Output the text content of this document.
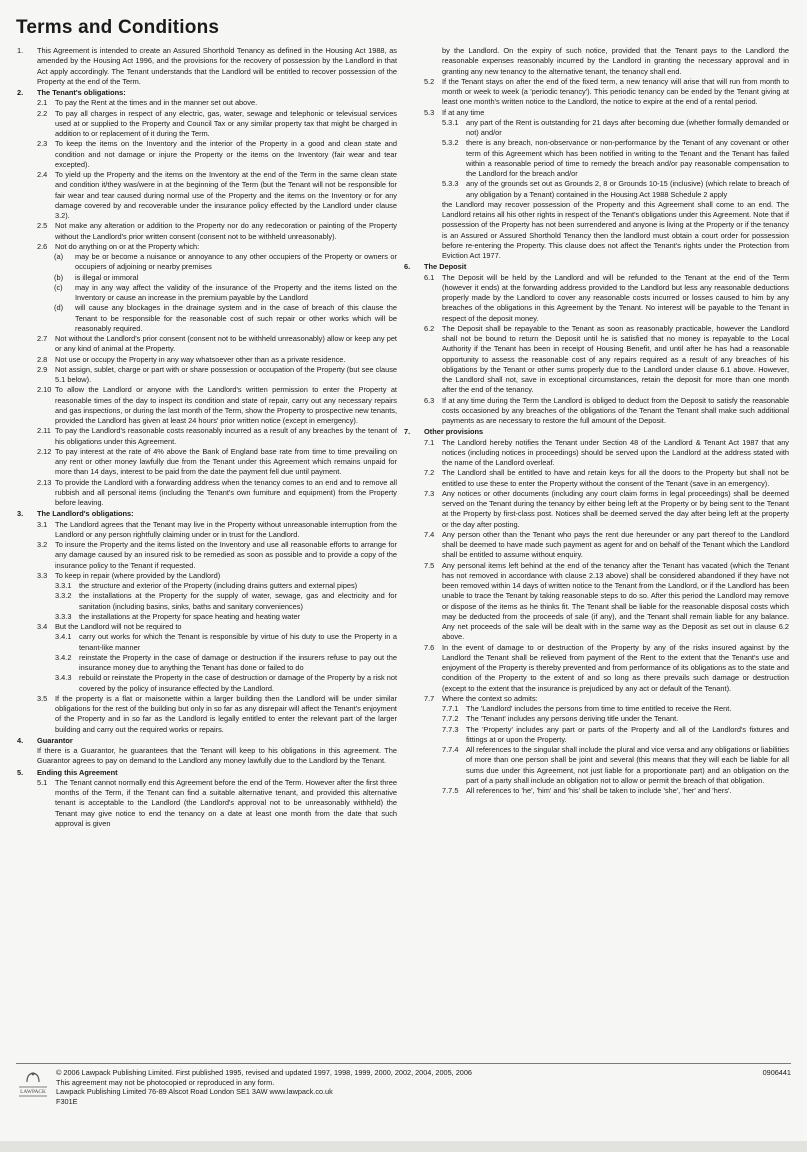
Terms and Conditions
1. This Agreement is intended to create an Assured Shorthold Tenancy as defined in the Housing Act 1988, as amended by the Housing Act 1996, and the provisions for the recovery of possession by the Landlord in that Act apply accordingly. The Tenant understands that the Landlord will be entitled to recover possession of the Property at the end of the Term.
2. The Tenant's obligations:
2.1 To pay the Rent at the times and in the manner set out above.
2.2 To pay all charges in respect of any electric, gas, water, sewage and telephonic or televisual services used at or supplied to the Property and Council Tax or any similar property tax that might be charged in addition to or replacement of it during the Term.
2.3 To keep the items on the Inventory and the interior of the Property in a good and clean state and condition and not damage or injure the Property or the items on the Inventory (fair wear and tear excepted).
2.4 To yield up the Property and the items on the Inventory at the end of the Term in the same clean state and condition it/they was/were in at the beginning of the Term (but the Tenant will not be responsible for fair wear and tear caused during normal use of the Property and the items on the Inventory or for any damage covered by and recoverable under the insurance policy effected by the Landlord under clause 3.2).
2.5 Not make any alteration or addition to the Property nor do any redecoration or painting of the Property without the Landlord's prior written consent (consent not to be withheld unreasonably).
2.6 Not do anything on or at the Property which:
(a) may be or become a nuisance or annoyance to any other occupiers of the Property or owners or occupiers of adjoining or nearby premises
(b) is illegal or immoral
(c) may in any way affect the validity of the insurance of the Property and the items listed on the Inventory or cause an increase in the premium payable by the Landlord
(d) will cause any blockages in the drainage system and in the case of breach of this clause the Tenant to be responsible for the reasonable cost of such repair or other works which will be reasonably required.
2.7 Not without the Landlord's prior consent (consent not to be withheld unreasonably) allow or keep any pet or any kind of animal at the Property.
2.8 Not use or occupy the Property in any way whatsoever other than as a private residence.
2.9 Not assign, sublet, charge or part with or share possession or occupation of the Property (but see clause 5.1 below).
2.10 To allow the Landlord or anyone with the Landlord's written permission to enter the Property at reasonable times of the day to inspect its condition and state of repair, carry out any necessary repairs and gas inspections, or during the last month of the Term, show the Property to prospective new tenants, provided the Landlord has given at least 24 hours' prior written notice (except in emergency).
2.11 To pay the Landlord's reasonable costs reasonably incurred as a result of any breaches by the tenant of his obligations under this Agreement.
2.12 To pay interest at the rate of 4% above the Bank of England base rate from time to time prevailing on any rent or other money lawfully due from the Tenant under this Agreement which remains unpaid for more than 14 days, interest to be paid from the date the payment fell due until payment.
2.13 To provide the Landlord with a forwarding address when the tenancy comes to an end and to remove all rubbish and all personal items (including the Tenant's own furniture and equipment) from the Property before leaving.
3. The Landlord's obligations:
3.1 The Landlord agrees that the Tenant may live in the Property without unreasonable interruption from the Landlord or any person rightfully claiming under or in trust for the Landlord.
3.2 To insure the Property and the items listed on the Inventory and use all reasonable efforts to arrange for any damage caused by an insured risk to be remedied as soon as possible and to provide a copy of the insurance policy to the Tenant if requested.
3.3 To keep in repair (where provided by the Landlord)
3.3.1 the structure and exterior of the Property (including drains gutters and external pipes)
3.3.2 the installations at the Property for the supply of water, sewage, gas and electricity and for sanitation (including basins, sinks, baths and sanitary conveniences)
3.3.3 the installations at the Property for space heating and heating water
3.4 But the Landlord will not be required to
3.4.1 carry out works for which the Tenant is responsible by virtue of his duty to use the Property in a tenant-like manner
3.4.2 reinstate the Property in the case of damage or destruction if the insurers refuse to pay out the insurance money due to anything the Tenant has done or failed to do
3.4.3 rebuild or reinstate the Property in the case of destruction or damage of the Property by a risk not covered by the policy of insurance effected by the Landlord.
3.5 If the property is a flat or maisonette within a larger building then the Landlord will be under similar obligations for the rest of the building but only in so far as any disrepair will affect the Tenant's enjoyment of the Property and in so far as the Landlord is legally entitled to enter the relevant part of the larger building and carry out the required works or repairs.
4. Guarantor
If there is a Guarantor, he guarantees that the Tenant will keep to his obligations in this agreement. The Guarantor agrees to pay on demand to the Landlord any money lawfully due to the Landlord by the Tenant.
5. Ending this Agreement
5.1 The Tenant cannot normally end this Agreement before the end of the Term. However after the first three months of the Term, if the Tenant can find a suitable alternative tenant, and provided this alternative tenant is acceptable to the Landlord (the Landlord's approval not to be unreasonably withheld) the Tenant may give notice to end the tenancy on a date at least one month from the date that such approval is given
by the Landlord. On the expiry of such notice, provided that the Tenant pays to the Landlord the reasonable expenses reasonably incurred by the Landlord in granting the necessary approval and in granting any new tenancy to the alternative tenant, the tenancy shall end.
5.2 If the Tenant stays on after the end of the fixed term, a new tenancy will arise that will run from month to month or week to week (a 'periodic tenancy'). This periodic tenancy can be ended by the Tenant giving at least one month's written notice to the Landlord, the notice to expire at the end of a rental period.
5.3 If at any time
5.3.1 any part of the Rent is outstanding for 21 days after becoming due (whether formally demanded or not) and/or
5.3.2 there is any breach, non-observance or non-performance by the Tenant of any covenant or other term of this Agreement which has been notified in writing to the Tenant and the Tenant has failed within a reasonable period of time to remedy the breach and/or pay reasonable compensation to the Landlord for the breach and/or
5.3.3 any of the grounds set out as Grounds 2, 8 or Grounds 10-15 (inclusive) (which relate to breach of any obligation by a Tenant) contained in the Housing Act 1988 Schedule 2 apply
the Landlord may recover possession of the Property and this Agreement shall come to an end. The Landlord retains all his other rights in respect of the Tenant's obligations under this Agreement. Note that if possession of the Property has not been surrendered and anyone is living at the Property or if the tenancy is an Assured or Assured Shorthold Tenancy then the landlord must obtain a court order for possession before re-entering the Property. This clause does not affect the Tenant's rights under the Protection from Eviction Act 1977.
6. The Deposit
6.1 The Deposit will be held by the Landlord and will be refunded to the Tenant at the end of the Term (however it ends) at the forwarding address provided to the Landlord but less any reasonable deductions properly made by the Landlord to cover any reasonable costs incurred or losses caused to him by any breaches of the obligations in this Agreement by the Tenant. No interest will be payable to the Tenant in respect of the deposit money.
6.2 The Deposit shall be repayable to the Tenant as soon as reasonably practicable, however the Landlord shall not be bound to return the Deposit until he is satisfied that no money is repayable to the Local Authority if the Tenant has been in receipt of Housing Benefit, and until after he has had a reasonable opportunity to assess the reasonable cost of any repairs required as a result of any breaches of his obligations by the Tenant or other sums properly due to the Landlord under clause 6.1 above. However, the Landlord shall not, save in exceptional circumstances, retain the deposit for more than one month after the end of the tenancy.
6.3 If at any time during the Term the Landlord is obliged to deduct from the Deposit to satisfy the reasonable costs occasioned by any breaches of the obligations of the Tenant the Tenant shall make such additional payments as are necessary to restore the full amount of the Deposit.
7. Other provisions
7.1 The Landlord hereby notifies the Tenant under Section 48 of the Landlord & Tenant Act 1987 that any notices (including notices in proceedings) should be served upon the Landlord at the address stated with the name of the Landlord overleaf.
7.2 The Landlord shall be entitled to have and retain keys for all the doors to the Property but shall not be entitled to use these to enter the Property without the consent of the Tenant (save in an emergency).
7.3 Any notices or other documents (including any court claim forms in legal proceedings) shall be deemed served on the Tenant during the tenancy by either being left at the Property or by being sent to the Tenant at the Property by first-class post. Notices shall be deemed served the day after being left at the property or the day after posting.
7.4 Any person other than the Tenant who pays the rent due hereunder or any part thereof to the Landlord shall be deemed to have made such payment as agent for and on behalf of the Tenant which the Landlord shall be entitled to assume without enquiry.
7.5 Any personal items left behind at the end of the tenancy after the Tenant has vacated (which the Tenant has not removed in accordance with clause 2.13 above) shall be considered abandoned if they have not been removed within 14 days of written notice to the Tenant from the Landlord, or if the Landlord has been unable to trace the Tenant by taking reasonable steps to do so. After this period the Landlord may remove or dispose of the items as he thinks fit. The Tenant shall be liable for the reasonable disposal costs which may be deducted from the proceeds of sale (if any), and the Tenant shall remain liable for any balance. Any net proceeds of the sale will be dealt with in the same way as the Deposit as set out in clause 6.2 above.
7.6 In the event of damage to or destruction of the Property by any of the risks insured against by the Landlord the Tenant shall be relieved from payment of the Rent to the extent that the Tenant's use and enjoyment of the Property is thereby prevented and from performance of its obligations as to the state and condition of the Property to the extent of and so long as there prevails such damage or destruction (except to the extent that the insurance is prejudiced by any act or default of the Tenant).
7.7 Where the context so admits:
7.7.1 The 'Landlord' includes the persons from time to time entitled to receive the Rent.
7.7.2 The 'Tenant' includes any persons deriving title under the Tenant.
7.7.3 The 'Property' includes any part or parts of the Property and all of the Landlord's fixtures and fittings at or upon the Property.
7.7.4 All references to the singular shall include the plural and vice versa and any obligations or liabilities of more than one person shall be joint and several (this means that they will each be liable for all sums due under this Agreement, not just liable for a proportionate part) and an obligation on the part of a party shall include an obligation not to allow or permit the breach of that obligation.
7.7.5 All references to 'he', 'him' and 'his' shall be taken to include 'she', 'her' and 'hers'.
LAWPACK
© 2006 Lawpack Publishing Limited. First published 1995, revised and updated 1997, 1998, 1999, 2000, 2002, 2004, 2005, 2006
This agreement may not be photocopied or reproduced in any form.
Lawpack Publishing Limited 76-89 Alscot Road London SE1 3AW www.lawpack.co.uk
F301E
0906441
